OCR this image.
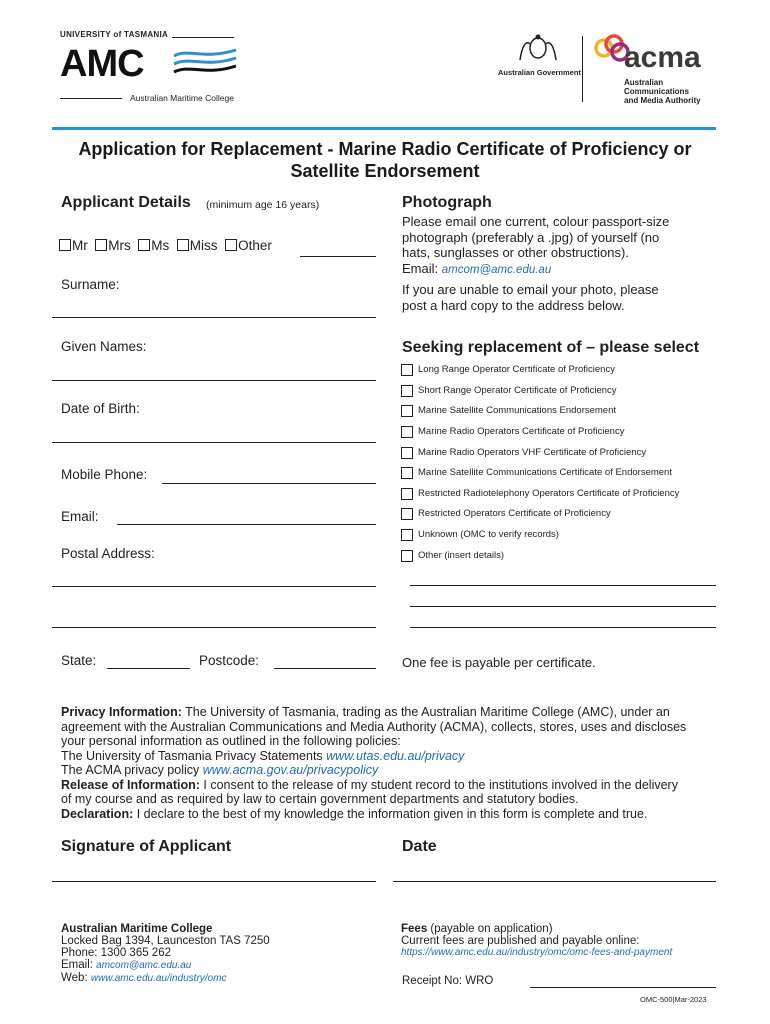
UNIVERSITY of TASMANIA
AMC
Australian Maritime College
Australian Government acma
Australian
Communications
and Media Authority
Application for Replacement - Marine Radio Certificate of Proficiency or
Satellite Endorsement
Applicant Details (minimum age 16 years)
Mr Mrs Ms Miss Other
Surname:
Given Names:
Date of Birth:
Mobile Phone:
Email:
Postal Address:
State:	Postcode:
Photograph
Please email one current, colour passport-size
photograph (preferably a .jpg) of yourself (no
hats, sunglasses or other obstructions).
Email: amcom@amc.edu.au
If you are unable to email your photo, please
post a hard copy to the address below.
Seeking replacement of – please select
Long Range Operator Certificate of Proficiency
Short Range Operator Certificate of Proficiency
Marine Satellite Communications Endorsement
Marine Radio Operators Certificate of Proficiency
Marine Radio Operators VHF Certificate of Proficiency
Marine Satellite Communications Certificate of Endorsement
Restricted Radiotelephony Operators Certificate of Proficiency
Restricted Operators Certificate of Proficiency
Unknown (OMC to verify records)
Other (insert details)
One fee is payable per certificate.
Privacy Information: The University of Tasmania, trading as the Australian Maritime College (AMC), under an
agreement with the Australian Communications and Media Authority (ACMA), collects, stores, uses and discloses
your personal information as outlined in the following policies:
The University of Tasmania Privacy Statements www.utas.edu.au/privacy
The ACMA privacy policy www.acma.gov.au/privacypolicy
Release of Information: I consent to the release of my student record to the institutions involved in the delivery
of my course and as required by law to certain government departments and statutory bodies.
Declaration: I declare to the best of my knowledge the information given in this form is complete and true.
Signature of Applicant	Date
Australian Maritime College
Locked Bag 1394, Launceston TAS 7250
Phone: 1300 365 262
Email: amcom@amc.edu.au
Web: www.amc.edu.au/industry/omc
Fees (payable on application)
Current fees are published and payable online:
https://www.amc.edu.au/industry/omc/omc-fees-and-payment
Receipt No: WRO
OMC-500|Mar-2023
